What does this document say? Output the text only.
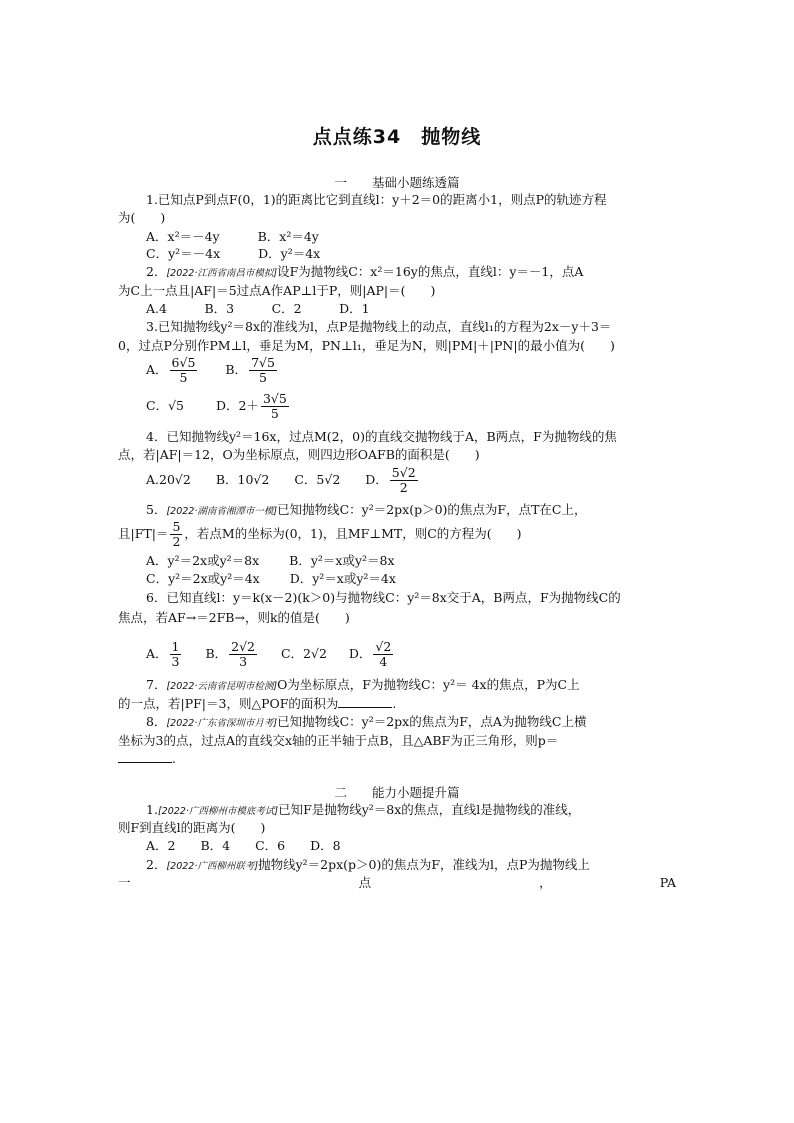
点点练34　抛物线
一　　基础小题练透篇
1.已知点P到点F(0，1)的距离比它到直线l：y＋2＝0的距离小1，则点P的轨迹方程
为(　　)
A．x²＝－4y	B．x²＝4y
C．y²＝－4x	D．y²＝4x
2．[2022·江西省南昌市模拟]设F为抛物线C：x²＝16y的焦点，直线l：y＝－1，点A
为C上一点且|AF|＝5过点A作AP⊥l于P，则|AP|＝(　　)
A.4　　　B．3　　　C．2　　　D．1
3.已知抛物线y²＝8x的准线为l，点P是抛物线上的动点，直线l₁的方程为2x－y＋3＝
0，过点P分别作PM⊥l，垂足为M，PN⊥l₁，垂足为N，则|PM|＋|PN|的最小值为(　　)
A． $\frac{6√5}{5}$ B． $\frac{7√5}{5}$
C．√5	D．$2+ \frac{3√5}{5}$
4．已知抛物线y²＝16x，过点M(2，0)的直线交抛物线于A，B两点，F为抛物线的焦
点，若|AF|＝12，O为坐标原点，则四边形OAFB的面积是(　　)
A.20√2　　B．10√2　　C．5√2　　D． $\frac{5√2}{2}$
5．[2022·湖南省湘潭市一模]已知抛物线C：y²＝2px(p＞0)的焦点为F，点T在C上，
且$|FT|= \frac{5}{2}$ ，若点M的坐标为(0，1)，且MF⊥MT，则C的方程为(　　)
A．y²＝2x或y²＝8x B．y²＝x或y²＝8x
C．y²＝2x或y²＝4x D．y²＝x或y²＝4x
6．已知直线l：y＝k(x－2)(k＞0)与抛物线C：y²＝8x交于A，B两点，F为抛物线C的
焦点，若AF→＝2FB→，则k的值是(　　)
A． $\frac{1}{3}$ B． $\frac{2√2}{3}$ C．2√2 D． $\frac{√2}{4}$
7．[2022·云南省昆明市检测]O为坐标原点，F为抛物线C：y²＝ 4x的焦点，P为C上
的一点，若|PF|＝3，则△POF的面积为	.
8．[2022·广东省深圳市月考]已知抛物线C：y²＝2px的焦点为F，点A为抛物线C上横
坐标为3的点，过点A的直线交x轴的正半轴于点B，且△ABF为正三角形，则p＝
.
二　　能力小题提升篇
1.[2022·广西柳州市模底考试]已知F是抛物线y²＝8x的焦点，直线l是抛物线的准线，
则F到直线l的距离为(　　)
A．2　　B．4　　C．6　　D．8
2．[2022·广西柳州联考]抛物线y²＝2px(p＞0)的焦点为F，准线为l，点P为抛物线上
一	点	，	PA
